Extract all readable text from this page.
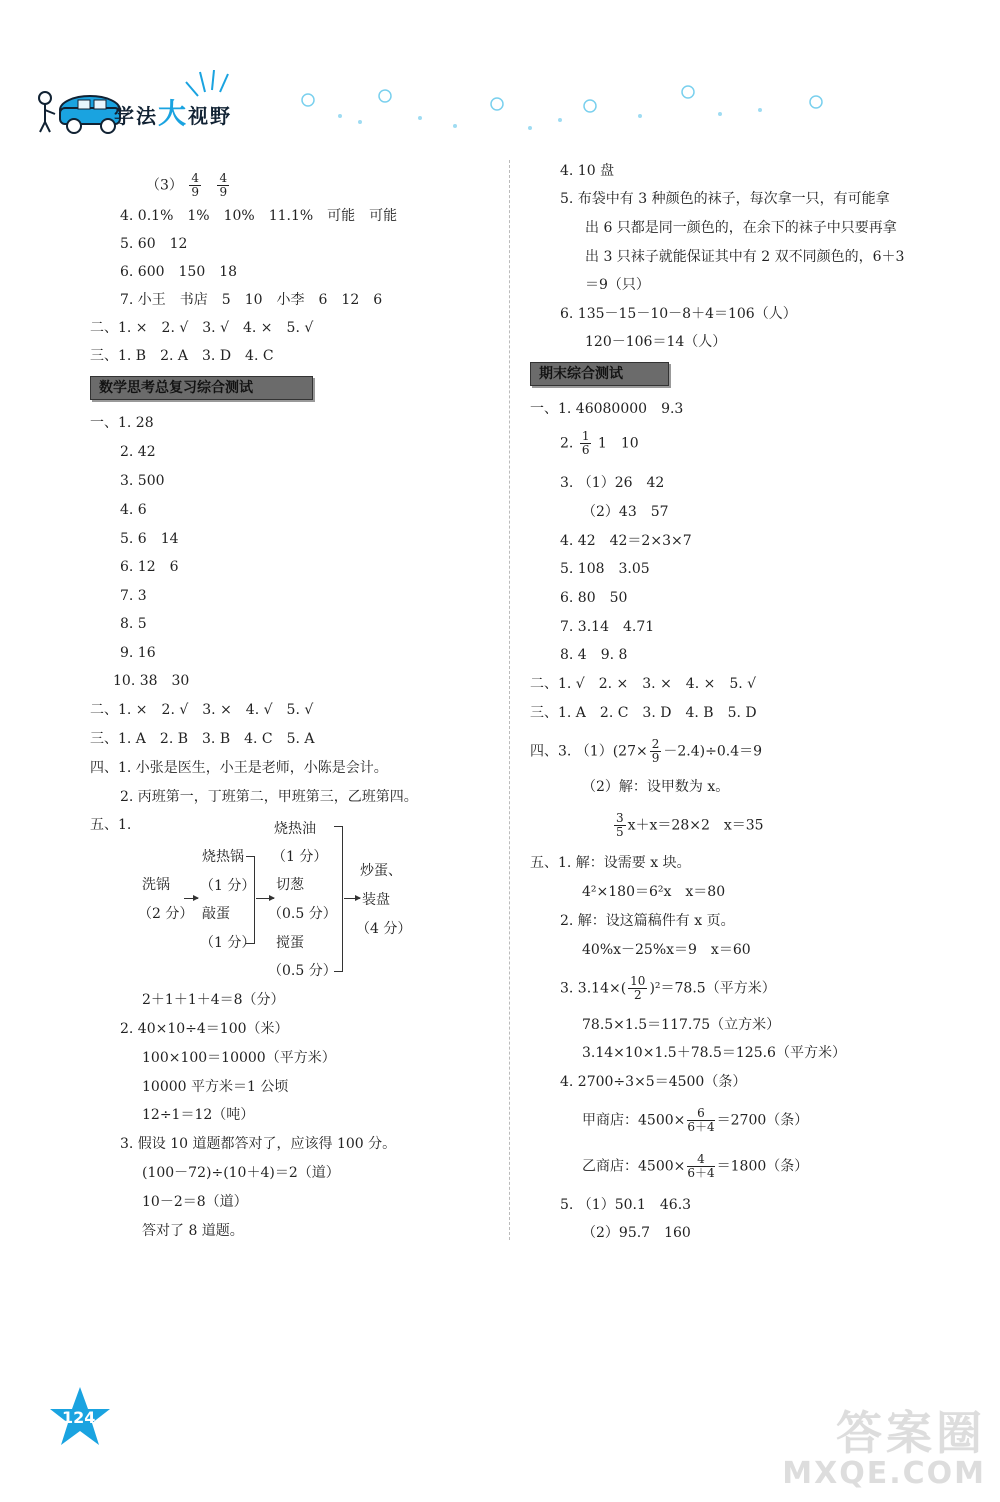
学法大视野
$(3) \frac{4}{9}$
$\frac{4}{9}$
4. 0.1%　1%　10%　11.1%　可能　可能
5. 60　12
6. 600　150　18
7. 小王　书店　5　10　小李　6　12　6
二、1. ×　2. √　3. √　4. ×　5. √
三、1. B　2. A　3. D　4. C
数学思考总复习综合测试
一、1. 28
2. 42
3. 500
4. 6
5. 6　14
6. 12　6
7. 3
8. 5
9. 16
10. 38　30
二、1. ×　2. √　3. ×　4. √　5. √
三、1. A　2. B　3. B　4. C　5. A
四、1. 小张是医生，小王是老师，小陈是会计。
2. 丙班第一，丁班第二，甲班第三，乙班第四。
五、1.
洗锅
（2 分）
烧热锅
（1 分）
敲蛋
（1 分）
烧热油
（1 分）
切葱
（0.5 分）
搅蛋
（0.5 分）
炒蛋、
装盘
（4 分）
2＋1＋1＋4＝8（分）
2. 40×10÷4＝100（米）
100×100＝10000（平方米）
10000 平方米＝1 公顷
12÷1＝12（吨）
3. 假设 10 道题都答对了，应该得 100 分。
(100－72)÷(10＋4)＝2（道）
10－2＝8（道）
答对了 8 道题。
4. 10 盘
5. 布袋中有 3 种颜色的袜子，每次拿一只，有可能拿
出 6 只都是同一颜色的，在余下的袜子中只要再拿
出 3 只袜子就能保证其中有 2 双不同颜色的，6＋3
＝9（只）
6. 135－15－10－8＋4＝106（人）
120－106＝14（人）
期末综合测试
一、1. 46080000　9.3
2. $\frac{1}{6} 1$　10
3. （1）26　42
（2）43　57
4. 42　42＝2×3×7
5. 108　3.05
6. 80　50
7. 3.14　4.71
8. 4　9. 8
二、1. √　2. ×　3. ×　4. ×　5. √
三、1. A　2. C　3. D　4. B　5. D
四、3. $(1)(27\times \frac{2}{9} -2.4)\div 0.4=9$
（2）解：设甲数为 x。
$\frac{3}{5} x+x=28\times 2$　x＝35
五、1. 解：设需要 x 块。
4²×180＝6²x　x＝80
2. 解：设这篇稿件有 x 页。
40%x－25%x＝9　x＝60
3. $3.14\times( \frac{10}{2} )^2=78.5$（平方米）
78.5×1.5＝117.75（立方米）
3.14×10×1.5＋78.5＝125.6（平方米）
4. 2700÷3×5＝4500（条）
甲商店：$4500\times \frac{6}{6+4} =2700$（条）
乙商店：$4500\times \frac{4}{6+4} =1800$（条）
5. （1）50.1　46.3
（2）95.7　160
124	答案圈
MXQE.COM
